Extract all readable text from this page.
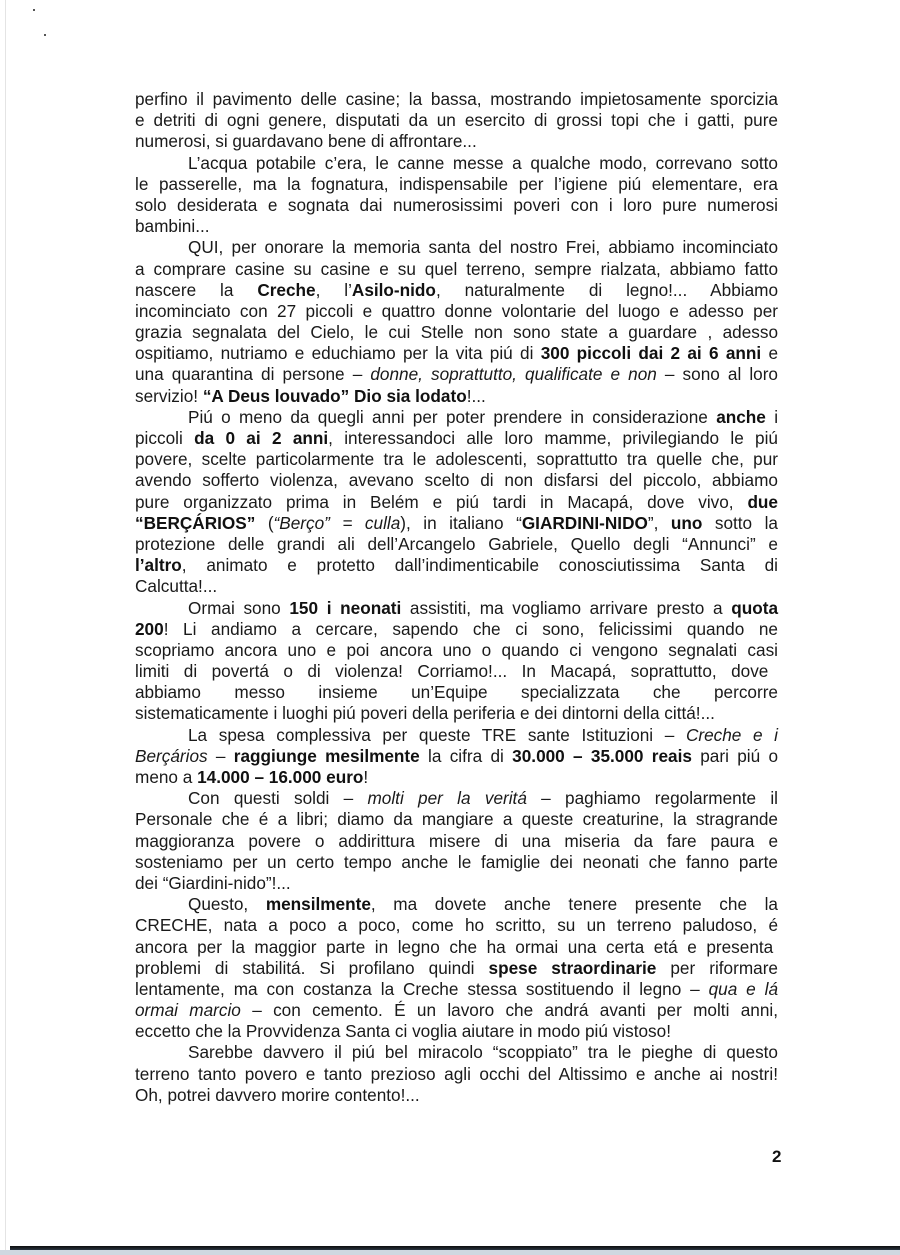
perfino il pavimento delle casine; la bassa, mostrando impietosamente sporcizia
e detriti di ogni genere, disputati da un esercito di grossi topi che i gatti, pure
numerosi, si guardavano bene di affrontare...
L’acqua potabile c’era, le canne messe a qualche modo, correvano sotto
le passerelle, ma la fognatura, indispensabile per l’igiene piú elementare, era
solo desiderata e sognata dai numerosissimi poveri con i loro pure numerosi
bambini...
QUI, per onorare la memoria santa del nostro Frei, abbiamo incominciato
a comprare casine su casine e su quel terreno, sempre rialzata, abbiamo fatto
nascere la Creche, l’Asilo-nido, naturalmente di legno!... Abbiamo
incominciato con 27 piccoli e quattro donne volontarie del luogo e adesso per
grazia segnalata del Cielo, le cui Stelle non sono state a guardare , adesso
ospitiamo, nutriamo e educhiamo per la vita piú di 300 piccoli dai 2 ai 6 anni e
una quarantina di persone – donne, soprattutto, qualificate e non – sono al loro
servizio! “A Deus louvado” Dio sia lodato!...
Piú o meno da quegli anni per poter prendere in considerazione anche i
piccoli da 0 ai 2 anni, interessandoci alle loro mamme, privilegiando le piú
povere, scelte particolarmente tra le adolescenti, soprattutto tra quelle che, pur
avendo sofferto violenza, avevano scelto di non disfarsi del piccolo, abbiamo
pure organizzato prima in Belém e piú tardi in Macapá, dove vivo, due
“BERÇÁRIOS” (“Berço” = culla), in italiano “GIARDINI-NIDO”, uno sotto la
protezione delle grandi ali dell’Arcangelo Gabriele, Quello degli “Annunci” e
l’altro, animato e protetto dall’indimenticabile conosciutissima Santa di
Calcutta!...
Ormai sono 150 i neonati assistiti, ma vogliamo arrivare presto a quota
200! Li andiamo a cercare, sapendo che ci sono, felicissimi quando ne
scopriamo ancora uno e poi ancora uno o quando ci vengono segnalati casi
limiti di povertá o di violenza! Corriamo!... In Macapá, soprattutto, dove
abbiamo messo insieme un’Equipe specializzata che percorre
sistematicamente i luoghi piú poveri della periferia e dei dintorni della cittá!...
La spesa complessiva per queste TRE sante Istituzioni – Creche e i
Berçários – raggiunge mesilmente la cifra di 30.000 – 35.000 reais pari piú o
meno a 14.000 – 16.000 euro!
Con questi soldi – molti per la veritá – paghiamo regolarmente il
Personale che é a libri; diamo da mangiare a queste creaturine, la stragrande
maggioranza povere o addirittura misere di una miseria da fare paura e
sosteniamo per un certo tempo anche le famiglie dei neonati che fanno parte
dei “Giardini-nido”!...
Questo, mensilmente, ma dovete anche tenere presente che la
CRECHE, nata a poco a poco, come ho scritto, su un terreno paludoso, é
ancora per la maggior parte in legno che ha ormai una certa etá e presenta
problemi di stabilitá. Si profilano quindi spese straordinarie per riformare
lentamente, ma con costanza la Creche stessa sostituendo il legno – qua e lá
ormai marcio – con cemento. É un lavoro che andrá avanti per molti anni,
eccetto che la Provvidenza Santa ci voglia aiutare in modo piú vistoso!
Sarebbe davvero il piú bel miracolo “scoppiato” tra le pieghe di questo
terreno tanto povero e tanto prezioso agli occhi del Altissimo e anche ai nostri!
Oh, potrei davvero morire contento!...
2
